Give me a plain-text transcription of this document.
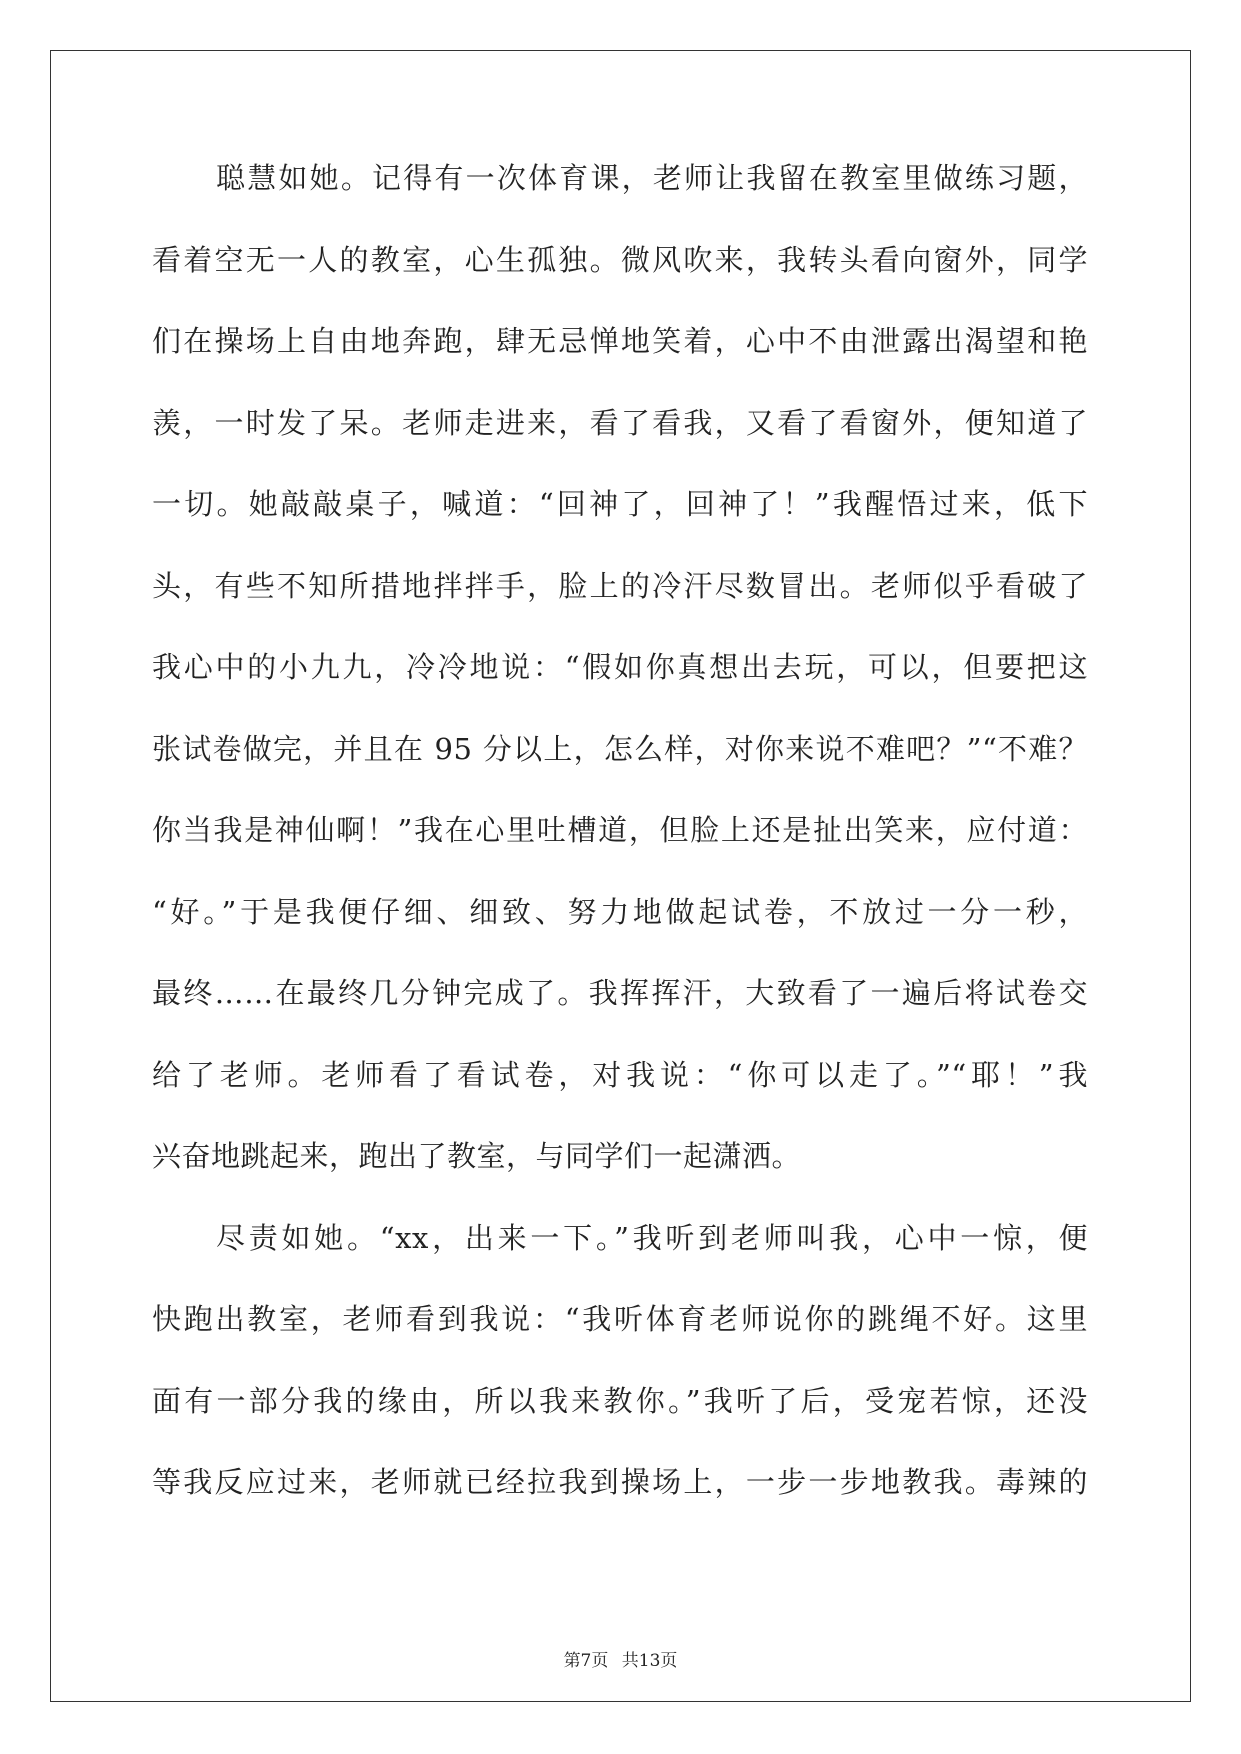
聪慧如她。记得有一次体育课，老师让我留在教室里做练习题，
看着空无一人的教室，心生孤独。微风吹来，我转头看向窗外，同学
们在操场上自由地奔跑，肆无忌惮地笑着，心中不由泄露出渴望和艳
羡，一时发了呆。老师走进来，看了看我，又看了看窗外，便知道了
一切。她敲敲桌子，喊道：“回神了，回神了！”我醒悟过来，低下
头，有些不知所措地拌拌手，脸上的冷汗尽数冒出。老师似乎看破了
我心中的小九九，冷冷地说：“假如你真想出去玩，可以，但要把这
张试卷做完，并且在 95 分以上，怎么样，对你来说不难吧？”“不难？
你当我是神仙啊！”我在心里吐槽道，但脸上还是扯出笑来，应付道：
“好。”于是我便仔细、细致、努力地做起试卷，不放过一分一秒，
最终……在最终几分钟完成了。我挥挥汗，大致看了一遍后将试卷交
给了老师。老师看了看试卷，对我说：“你可以走了。”“耶！”我
兴奋地跳起来，跑出了教室，与同学们一起潇洒。
尽责如她。“xx，出来一下。”我听到老师叫我，心中一惊，便
快跑出教室，老师看到我说：“我听体育老师说你的跳绳不好。这里
面有一部分我的缘由，所以我来教你。”我听了后，受宠若惊，还没
等我反应过来，老师就已经拉我到操场上，一步一步地教我。毒辣的
第7页 共13页
